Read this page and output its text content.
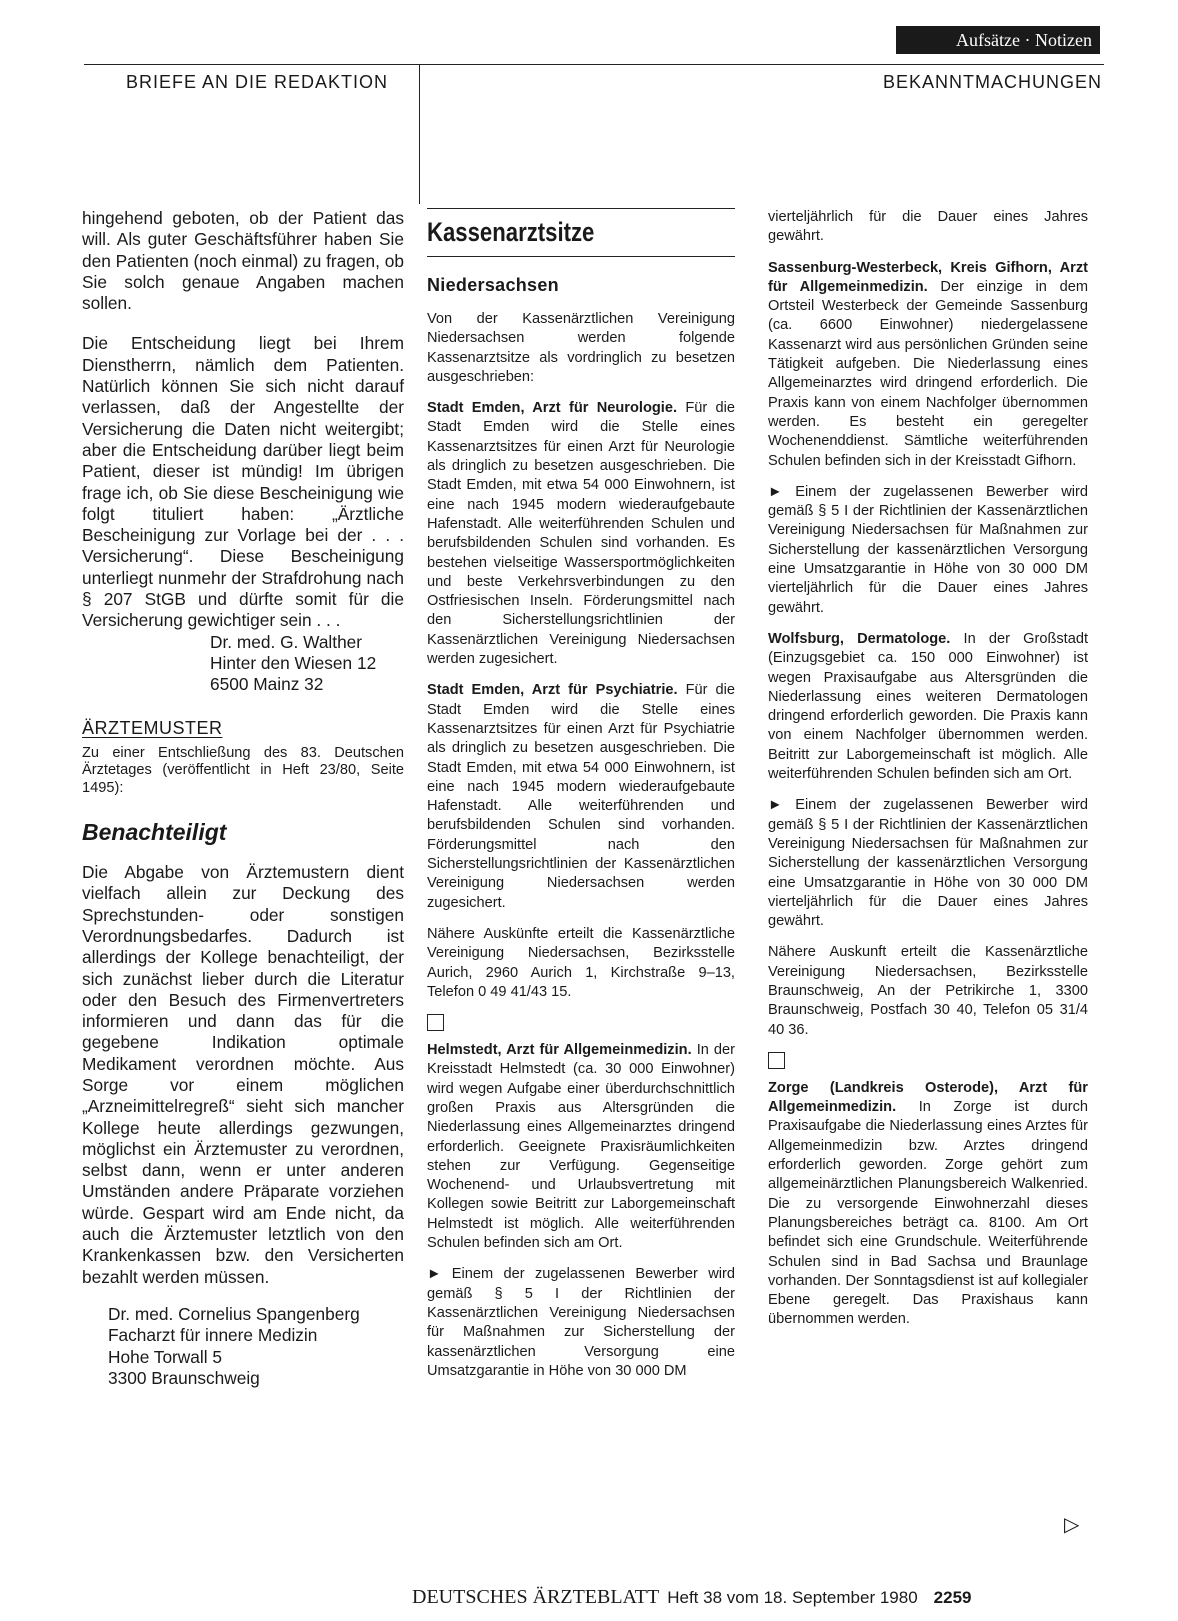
Aufsätze · Notizen
BRIEFE AN DIE REDAKTION	BEKANNTMACHUNGEN

hingehend geboten, ob der Patient das will. Als guter Geschäftsführer haben Sie den Patienten (noch einmal) zu fragen, ob Sie solch genaue Angaben machen sollen.

Die Entscheidung liegt bei Ihrem Dienstherrn, nämlich dem Patienten. Natürlich können Sie sich nicht darauf verlassen, daß der Angestellte der Versicherung die Daten nicht weitergibt; aber die Entscheidung darüber liegt beim Patient, dieser ist mündig! Im übrigen frage ich, ob Sie diese Bescheinigung wie folgt tituliert haben: „Ärztliche Bescheinigung zur Vorlage bei der . . . Versicherung“. Diese Bescheinigung unterliegt nunmehr der Strafdrohung nach § 207 StGB und dürfte somit für die Versicherung gewichtiger sein . . .

Dr. med. G. Walther
Hinter den Wiesen 12
6500 Mainz 32
ÄRZTEMUSTER
Zu einer Entschließung des 83. Deutschen Ärztetages (veröffentlicht in Heft 23/80, Seite 1495):
Benachteiligt

Die Abgabe von Ärztemustern dient vielfach allein zur Deckung des Sprechstunden- oder sonstigen Verordnungsbedarfes. Dadurch ist allerdings der Kollege benachteiligt, der sich zunächst lieber durch die Literatur oder den Besuch des Firmenvertreters informieren und dann das für die gegebene Indikation optimale Medikament verordnen möchte. Aus Sorge vor einem möglichen „Arzneimittelregreß“ sieht sich mancher Kollege heute allerdings gezwungen, möglichst ein Ärztemuster zu verordnen, selbst dann, wenn er unter anderen Umständen andere Präparate vorziehen würde. Gespart wird am Ende nicht, da auch die Ärztemuster letztlich von den Krankenkassen bzw. den Versicherten bezahlt werden müssen.

Dr. med. Cornelius Spangenberg
Facharzt für innere Medizin
Hohe Torwall 5
3300 Braunschweig
Kassenarztsitze
Niedersachsen

Von der Kassenärztlichen Vereinigung Niedersachsen werden folgende Kassenarztsitze als vordringlich zu besetzen ausgeschrieben:

Stadt Emden, Arzt für Neurologie. Für die Stadt Emden wird die Stelle eines Kassenarztsitzes für einen Arzt für Neurologie als dringlich zu besetzen ausgeschrieben. Die Stadt Emden, mit etwa 54 000 Einwohnern, ist eine nach 1945 modern wiederaufgebaute Hafenstadt. Alle weiterführenden Schulen und berufsbildenden Schulen sind vorhanden. Es bestehen vielseitige Wassersportmöglichkeiten und beste Verkehrsverbindungen zu den Ostfriesischen Inseln. Förderungsmittel nach den Sicherstellungsrichtlinien der Kassenärztlichen Vereinigung Niedersachsen werden zugesichert.

Stadt Emden, Arzt für Psychiatrie. Für die Stadt Emden wird die Stelle eines Kassenarztsitzes für einen Arzt für Psychiatrie als dringlich zu besetzen ausgeschrieben. Die Stadt Emden, mit etwa 54 000 Einwohnern, ist eine nach 1945 modern wiederaufgebaute Hafenstadt. Alle weiterführenden und berufsbildenden Schulen sind vorhanden. Förderungsmittel nach den Sicherstellungsrichtlinien der Kassenärztlichen Vereinigung Niedersachsen werden zugesichert.

Nähere Auskünfte erteilt die Kassenärztliche Vereinigung Niedersachsen, Bezirksstelle Aurich, 2960 Aurich 1, Kirchstraße 9–13, Telefon 0 49 41/43 15.

Helmstedt, Arzt für Allgemeinmedizin. In der Kreisstadt Helmstedt (ca. 30 000 Einwohner) wird wegen Aufgabe einer überdurchschnittlich großen Praxis aus Altersgründen die Niederlassung eines Allgemeinarztes dringend erforderlich. Geeignete Praxisräumlichkeiten stehen zur Verfügung. Gegenseitige Wochenend- und Urlaubsvertretung mit Kollegen sowie Beitritt zur Laborgemeinschaft Helmstedt ist möglich. Alle weiterführenden Schulen befinden sich am Ort.

► Einem der zugelassenen Bewerber wird gemäß § 5 I der Richtlinien der Kassenärztlichen Vereinigung Niedersachsen für Maßnahmen zur Sicherstellung der kassenärztlichen Versorgung eine Umsatzgarantie in Höhe von 30 000 DM

vierteljährlich für die Dauer eines Jahres gewährt.

Sassenburg-Westerbeck, Kreis Gifhorn, Arzt für Allgemeinmedizin. Der einzige in dem Ortsteil Westerbeck der Gemeinde Sassenburg (ca. 6600 Einwohner) niedergelassene Kassenarzt wird aus persönlichen Gründen seine Tätigkeit aufgeben. Die Niederlassung eines Allgemeinarztes wird dringend erforderlich. Die Praxis kann von einem Nachfolger übernommen werden. Es besteht ein geregelter Wochenenddienst. Sämtliche weiterführenden Schulen befinden sich in der Kreisstadt Gifhorn.

► Einem der zugelassenen Bewerber wird gemäß § 5 I der Richtlinien der Kassenärztlichen Vereinigung Niedersachsen für Maßnahmen zur Sicherstellung der kassenärztlichen Versorgung eine Umsatzgarantie in Höhe von 30 000 DM vierteljährlich für die Dauer eines Jahres gewährt.

Wolfsburg, Dermatologe. In der Großstadt (Einzugsgebiet ca. 150 000 Einwohner) ist wegen Praxisaufgabe aus Altersgründen die Niederlassung eines weiteren Dermatologen dringend erforderlich geworden. Die Praxis kann von einem Nachfolger übernommen werden. Beitritt zur Laborgemeinschaft ist möglich. Alle weiterführenden Schulen befinden sich am Ort.

► Einem der zugelassenen Bewerber wird gemäß § 5 I der Richtlinien der Kassenärztlichen Vereinigung Niedersachsen für Maßnahmen zur Sicherstellung der kassenärztlichen Versorgung eine Umsatzgarantie in Höhe von 30 000 DM vierteljährlich für die Dauer eines Jahres gewährt.

Nähere Auskunft erteilt die Kassenärztliche Vereinigung Niedersachsen, Bezirksstelle Braunschweig, An der Petrikirche 1, 3300 Braunschweig, Postfach 30 40, Telefon 05 31/4 40 36.

Zorge (Landkreis Osterode), Arzt für Allgemeinmedizin. In Zorge ist durch Praxisaufgabe die Niederlassung eines Arztes für Allgemeinmedizin bzw. Arztes dringend erforderlich geworden. Zorge gehört zum allgemeinärztlichen Planungsbereich Walkenried. Die zu versorgende Einwohnerzahl dieses Planungsbereiches beträgt ca. 8100. Am Ort befindet sich eine Grundschule. Weiterführende Schulen sind in Bad Sachsa und Braunlage vorhanden. Der Sonntagsdienst ist auf kollegialer Ebene geregelt. Das Praxishaus kann übernommen werden.

▷
DEUTSCHES ÄRZTEBLATT Heft 38 vom 18. September 1980 2259
